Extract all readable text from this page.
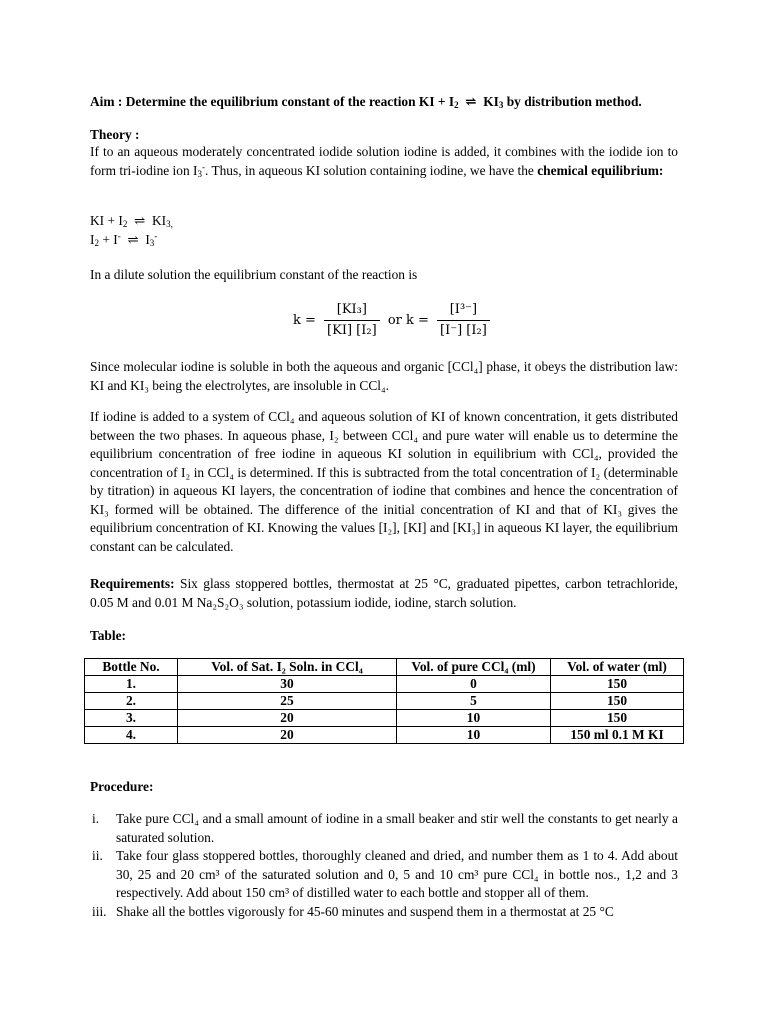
Aim : Determine the equilibrium constant of the reaction KI + $I_2$ ⇌ $KI_3$ by distribution method.

Theory :

If to an aqueous moderately concentrated iodide solution iodine is added, it combines with the iodide ion to form tri-iodine ion $I_3^-$. Thus, in aqueous KI solution containing iodine, we have the chemical equilibrium:

KI + $I_2$ ⇌ $KI_{3,}$

$I_2 + I^-$ ⇌ $I_3^-$

In a dilute solution the equilibrium constant of the reaction is

$k = \frac{\text{[KI₃]}}{\text{[KI] [I₂]}}$ or $k = \frac{\text{[I³⁻]}}{\text{[I⁻] [I₂]}}$

Since molecular iodine is soluble in both the aqueous and organic [CCl₄] phase, it obeys the distribution law: KI and KI₃ being the electrolytes, are insoluble in CCl₄.

If iodine is added to a system of CCl₄ and aqueous solution of KI of known concentration, it gets distributed between the two phases. In aqueous phase, I₂ between CCl₄ and pure water will enable us to determine the equilibrium concentration of free iodine in aqueous KI solution in equilibrium with CCl₄, provided the concentration of I₂ in CCl₄ is determined. If this is subtracted from the total concentration of I₂ (determinable by titration) in aqueous KI layers, the concentration of iodine that combines and hence the concentration of KI₃ formed will be obtained. The difference of the initial concentration of KI and that of KI₃ gives the equilibrium concentration of KI. Knowing the values [I₂], [KI] and [KI₃] in aqueous KI layer, the equilibrium constant can be calculated.

Requirements: Six glass stoppered bottles, thermostat at 25 °C, graduated pipettes, carbon tetrachloride, 0.05 M and 0.01 M Na₂S₂O₃ solution, potassium iodide, iodine, starch solution.

Table:

Bottle No.	Vol. of Sat. I₂ Soln. in CCl₄	Vol. of pure CCl₄ (ml)	Vol. of water (ml)
1.	30	0	150
2.	25	5	150
3.	20	10	150
4.	20	10	150 ml 0.1 M KI

Procedure:

i. Take pure CCl₄ and a small amount of iodine in a small beaker and stir well the constants to get nearly a saturated solution.
ii. Take four glass stoppered bottles, thoroughly cleaned and dried, and number them as 1 to 4. Add about 30, 25 and 20 cm³ of the saturated solution and 0, 5 and 10 cm³ pure CCl₄ in bottle nos., 1,2 and 3 respectively. Add about 150 cm³ of distilled water to each bottle and stopper all of them.
iii. Shake all the bottles vigorously for 45-60 minutes and suspend them in a thermostat at 25 °C
